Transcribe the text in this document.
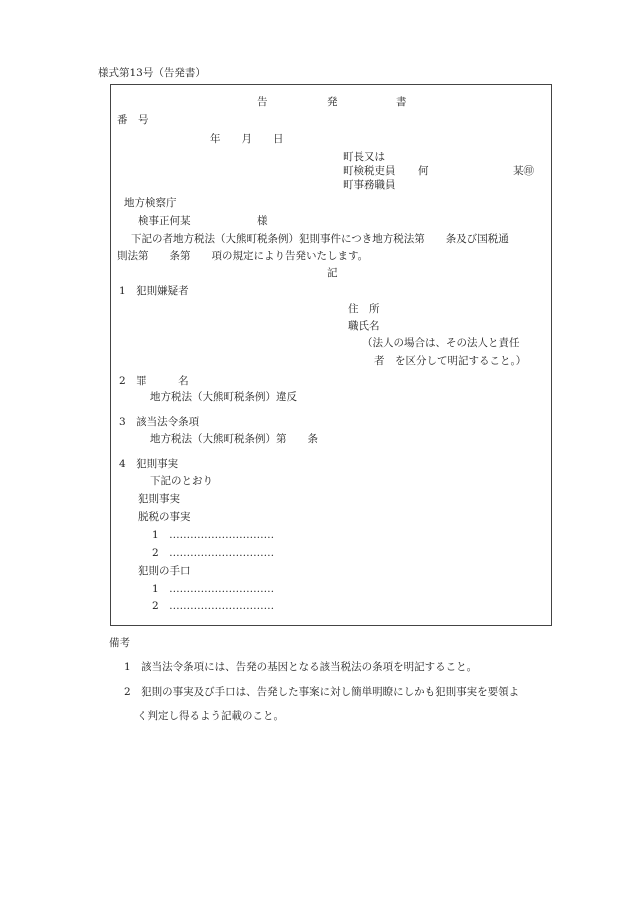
様式第13号（告発書）
告	発	書
番　号
年　　月　　日
町長又は
町検税吏員 何	某㊞
町事務職員
地方検察庁
検事正何某	様
下記の者地方税法（大熊町税条例）犯則事件につき地方税法第　　条及び国税通
則法第　　条第　　項の規定により告発いたします。
記
1　犯則嫌疑者
住　所
職氏名
（法人の場合は、その法人と責任
者　を区分して明記すること。）
2　罪　　　名
地方税法（大熊町税条例）違反
3　該当法令条項
地方税法（大熊町税条例）第　　条
4　犯則事実
下記のとおり
犯則事実
脱税の事実
1　…………………………
2　…………………………
犯則の手口
1　…………………………
2　…………………………
備考
1　該当法令条項には、告発の基因となる該当税法の条項を明記すること。
2　犯則の事実及び手口は、告発した事案に対し簡単明瞭にしかも犯則事実を要領よ
く判定し得るよう記載のこと。
